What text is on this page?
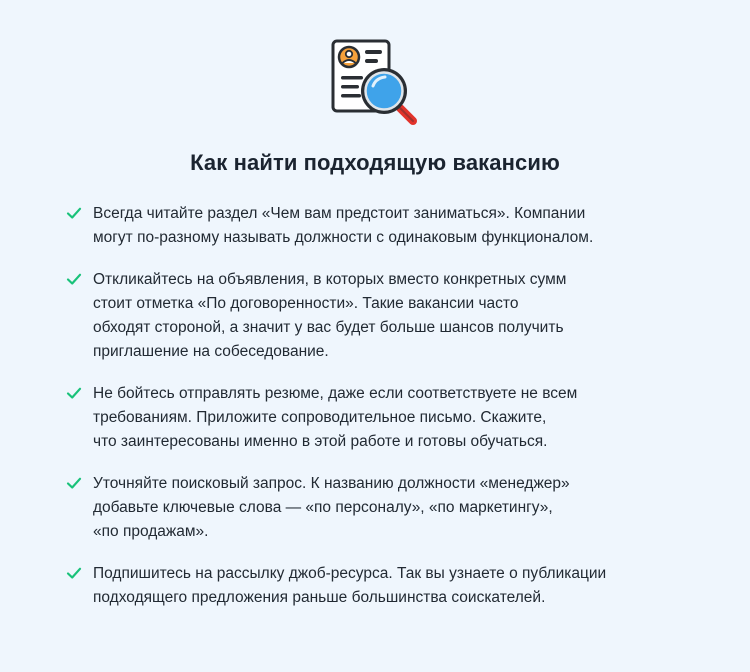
Как найти подходящую вакансию
Всегда читайте раздел «Чем вам предстоит заниматься». Компании
могут по-разному называть должности с одинаковым функционалом.
Откликайтесь на объявления, в которых вместо конкретных сумм
стоит отметка «По договоренности». Такие вакансии часто
обходят стороной, а значит у вас будет больше шансов получить
приглашение на собеседование.
Не бойтесь отправлять резюме, даже если соответствуете не всем
требованиям. Приложите сопроводительное письмо. Скажите,
что заинтересованы именно в этой работе и готовы обучаться.
Уточняйте поисковый запрос. К названию должности «менеджер»
добавьте ключевые слова — «по персоналу», «по маркетингу»,
«по продажам».
Подпишитесь на рассылку джоб-ресурса. Так вы узнаете о публикации
подходящего предложения раньше большинства соискателей.
